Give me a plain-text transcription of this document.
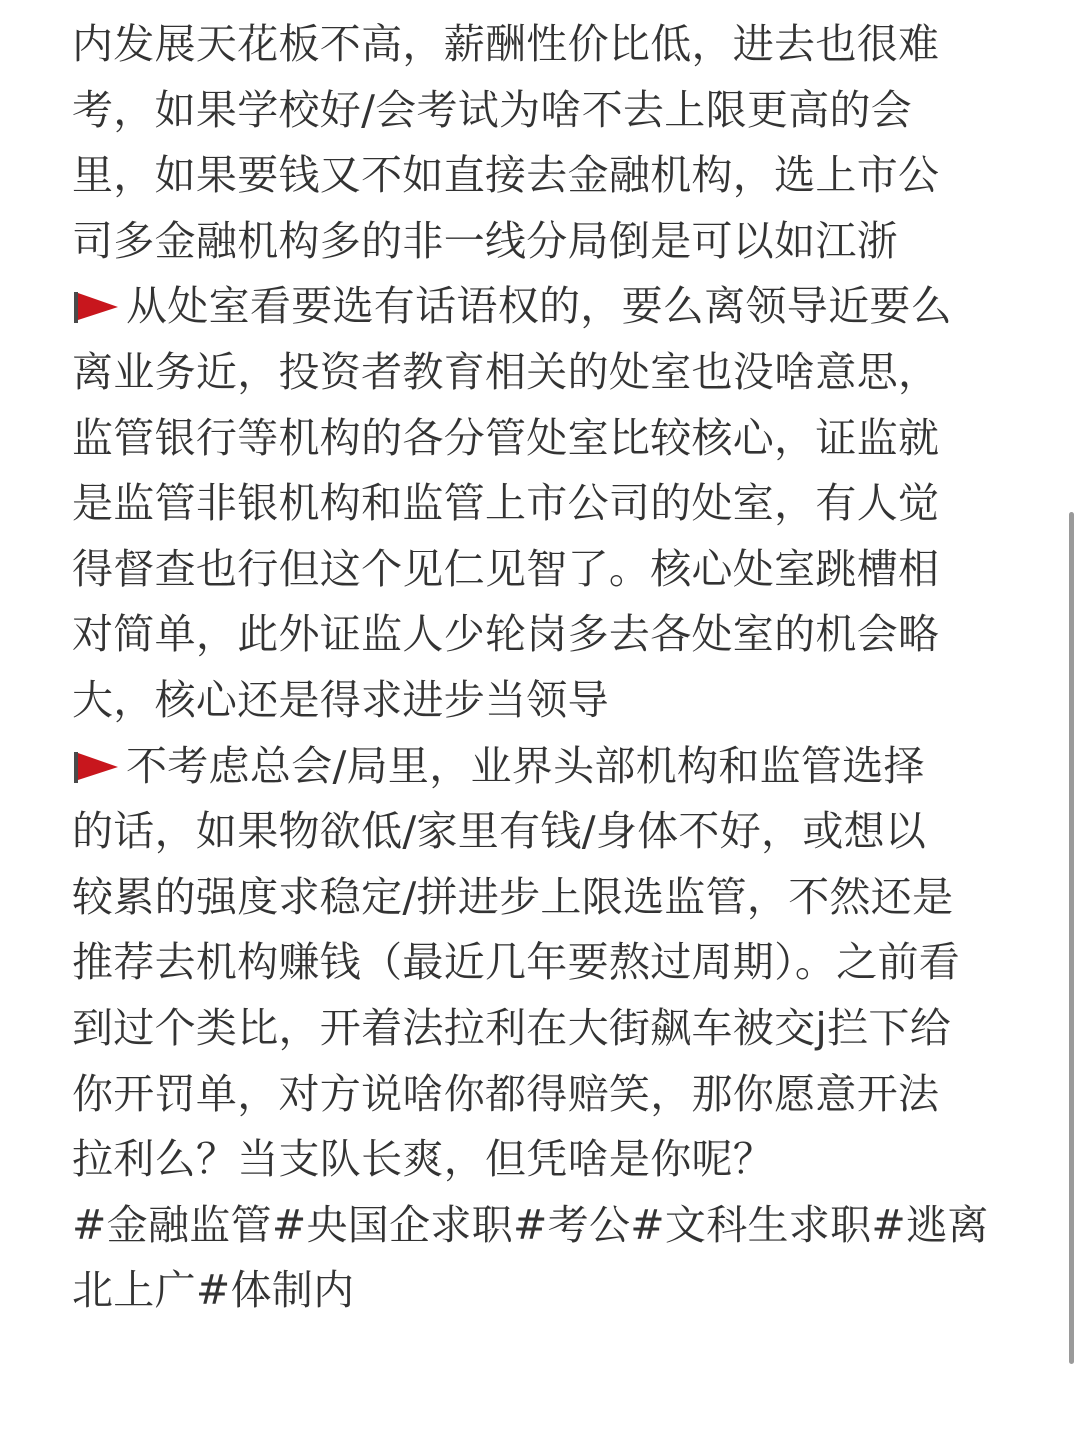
内发展天花板不高，薪酬性价比低，进去也很难
考，如果学校好/会考试为啥不去上限更高的会
里，如果要钱又不如直接去金融机构，选上市公
司多金融机构多的非一线分局倒是可以如江浙
从处室看要选有话语权的，要么离领导近要么
离业务近，投资者教育相关的处室也没啥意思，
监管银行等机构的各分管处室比较核心，证监就
是监管非银机构和监管上市公司的处室，有人觉
得督查也行但这个见仁见智了。核心处室跳槽相
对简单，此外证监人少轮岗多去各处室的机会略
大，核心还是得求进步当领导
不考虑总会/局里，业界头部机构和监管选择
的话，如果物欲低/家里有钱/身体不好，或想以
较累的强度求稳定/拼进步上限选监管，不然还是
推荐去机构赚钱（最近几年要熬过周期）。之前看
到过个类比，开着法拉利在大街飙车被交j拦下给
你开罚单，对方说啥你都得赔笑，那你愿意开法
拉利么？当支队长爽，但凭啥是你呢？
#金融监管#央国企求职#考公#文科生求职#逃离
北上广#体制内
